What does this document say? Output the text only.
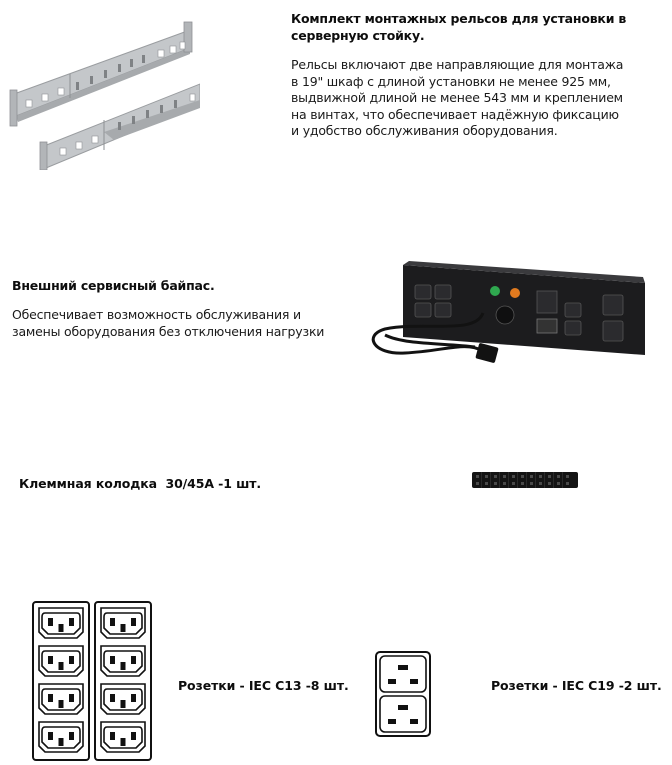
Комплект монтажных рельсов для установки в
серверную стойку.
Рельсы включают две направляющие для монтажа
в 19" шкаф с длиной установки не менее 925 мм,
выдвижной длиной не менее 543 мм и креплением
на винтах, что обеспечивает надёжную фиксацию
и удобство обслуживания оборудования.
Внешний сервисный байпас.
Обеспечивает возможность обслуживания и
замены оборудования без отключения нагрузки
Клеммная колодка  30/45А -1 шт.
Розетки - IEC C13 -8 шт.	Розетки - IEC C19 -2 шт.
